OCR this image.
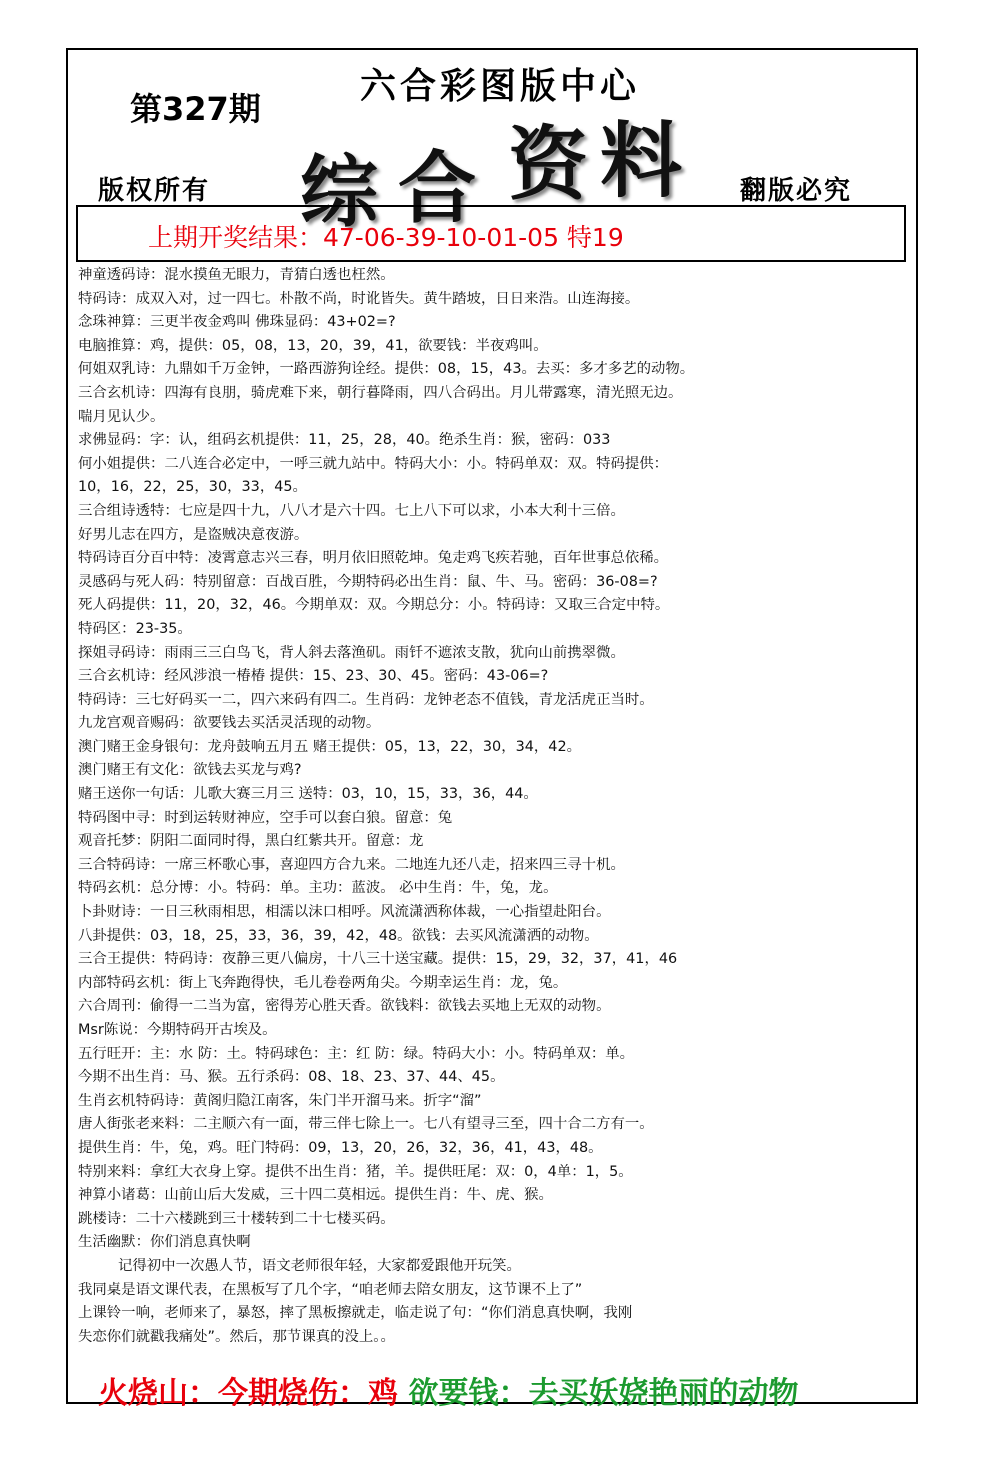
第327期
六合彩图版中心
综 合 资 料
版权所有	翻版必究
上期开奖结果：47-06-39-10-01-05 特19
神童透码诗：混水摸鱼无眼力，青猜白透也枉然。
特码诗：成双入对，过一四七。朴散不尚，时讹皆失。黄牛踏坡，日日来浩。山连海接。
念珠神算：三更半夜金鸡叫 佛珠显码：43+02=?
电脑推算：鸡，提供：05，08，13，20，39，41，欲要钱：半夜鸡叫。
何姐双乳诗：九鼎如千万金钟，一路西游狗诠经。提供：08，15，43。去买：多才多艺的动物。
三合玄机诗：四海有良朋，骑虎难下来，朝行暮降雨，四八合码出。月儿带露寒，清光照无边。
喘月见认少。
求佛显码：字：认，组码玄机提供：11，25，28，40。绝杀生肖：猴，密码：033
何小姐提供：二八连合必定中，一呼三就九站中。特码大小：小。特码单双：双。特码提供：
10，16，22，25，30，33，45。
三合组诗透特：七应是四十九，八八才是六十四。七上八下可以求，小本大利十三倍。
好男儿志在四方，是盗贼决意夜游。
特码诗百分百中特：凌霄意志兴三春，明月依旧照乾坤。兔走鸡飞疾若驰，百年世事总依稀。
灵感码与死人码：特别留意：百战百胜，今期特码必出生肖：鼠、牛、马。密码：36-08=?
死人码提供：11，20，32，46。今期单双：双。今期总分：小。特码诗：又取三合定中特。
特码区：23-35。
探姐寻码诗：雨雨三三白鸟飞，背人斜去落渔矶。雨钎不遮浓支散，犹向山前携翠微。
三合玄机诗：经风涉浪一椿椿 提供：15、23、30、45。密码：43-06=?
特码诗：三七好码买一二，四六来码有四二。生肖码：龙钟老态不值钱，青龙活虎正当时。
九龙宫观音赐码：欲要钱去买活灵活现的动物。
澳门赌王金身银句：龙舟鼓响五月五 赌王提供：05，13，22，30，34，42。
澳门赌王有文化：欲钱去买龙与鸡?
赌王送你一句话：儿歌大赛三月三 送特：03，10，15，33，36，44。
特码图中寻：时到运转财神应，空手可以套白狼。留意：兔
观音托梦：阴阳二面同时得，黑白红紫共开。留意：龙
三合特码诗：一席三杯歌心事，喜迎四方合九来。二地连九还八走，招来四三寻十机。
特码玄机：总分博：小。特码：单。主功：蓝波。 必中生肖：牛，兔，龙。
卜卦财诗：一日三秋雨相思，相濡以沫口相呼。风流潇洒称体裁，一心指望赴阳台。
八卦提供：03，18，25，33，36，39，42，48。欲钱：去买风流潇洒的动物。
三合王提供：特码诗：夜静三更八偏房，十八三十送宝藏。提供：15，29，32，37，41，46
内部特码玄机：街上飞奔跑得快，毛儿卷卷两角尖。今期幸运生肖：龙，兔。
六合周刊：偷得一二当为富，密得芳心胜天香。欲钱料：欲钱去买地上无双的动物。
Msr陈说：今期特码开古埃及。
五行旺开：主：水 防：土。特码球色：主：红 防：绿。特码大小：小。特码单双：单。
今期不出生肖：马、猴。五行杀码：08、18、23、37、44、45。
生肖玄机特码诗：黄阁归隐江南客，朱门半开溜马来。折字“溜”
唐人街张老来料：二主顺六有一面，带三伴七除上一。七八有望寻三至，四十合二方有一。
提供生肖：牛，兔，鸡。旺门特码：09，13，20，26，32，36，41，43，48。
特别来料：拿红大衣身上穿。提供不出生肖：猪，羊。提供旺尾：双：0，4单：1，5。
神算小诸葛：山前山后大发威，三十四二莫相远。提供生肖：牛、虎、猴。
跳楼诗：二十六楼跳到三十楼转到二十七楼买码。
生活幽默：你们消息真快啊
记得初中一次愚人节，语文老师很年轻，大家都爱跟他开玩笑。
我同桌是语文课代表，在黑板写了几个字，“咱老师去陪女朋友，这节课不上了”
上课铃一响，老师来了，暴怒，摔了黑板擦就走，临走说了句：“你们消息真快啊，我刚
失恋你们就戳我痛处”。然后，那节课真的没上。。
火烧山：今期烧伤：鸡 欲要钱：去买妖娆艳丽的动物
